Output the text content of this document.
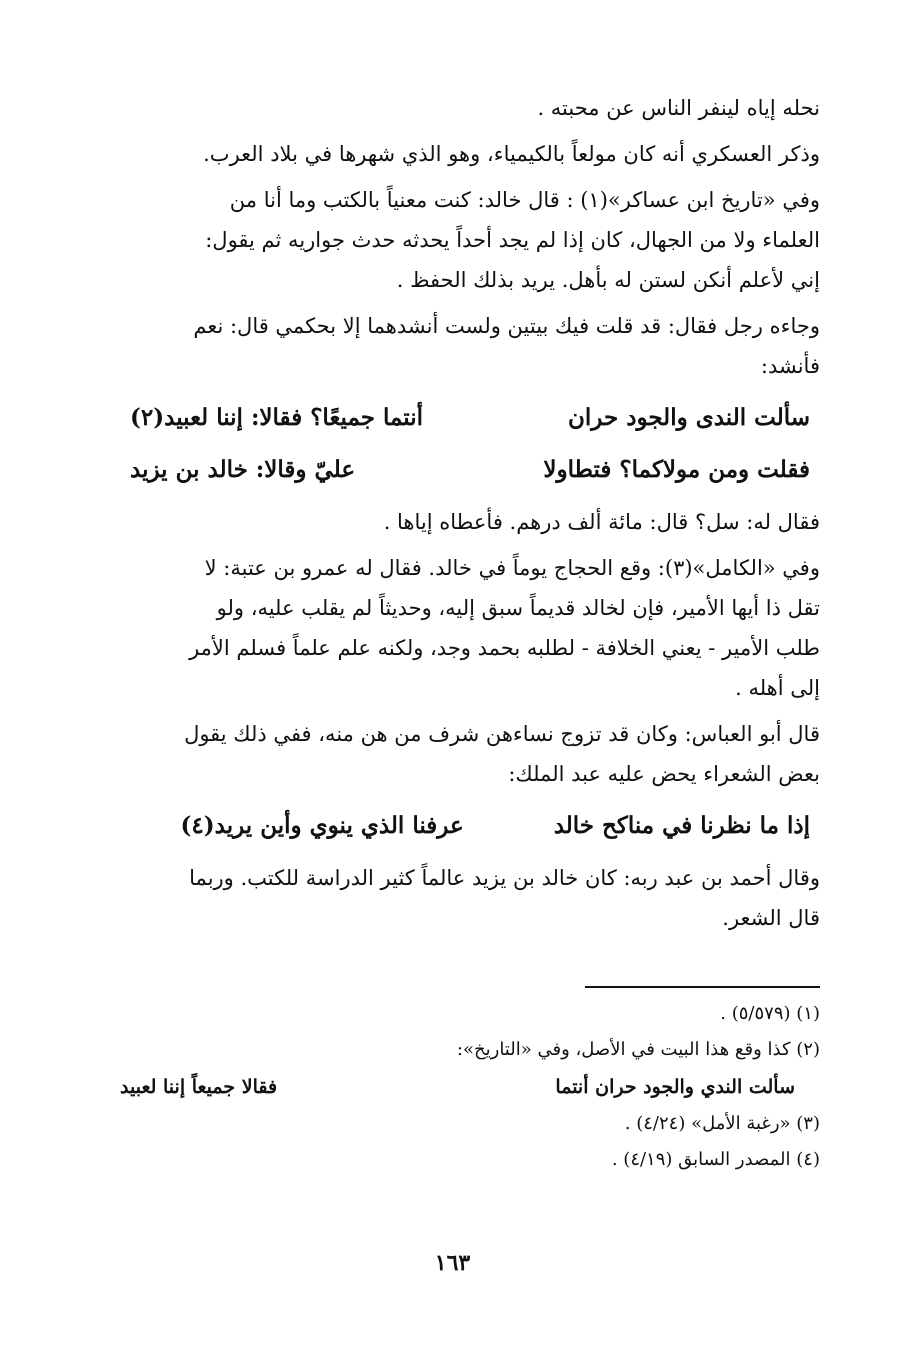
نحله إياه لينفر الناس عن محبته .
وذكر العسكري أنه كان مولعاً بالكيمياء، وهو الذي شهرها في بلاد العرب.
وفي «تاريخ ابن عساكر»(١) : قال خالد: كنت معنياً بالكتب وما أنا من
العلماء ولا من الجهال، كان إذا لم يجد أحداً يحدثه حدث جواريه ثم يقول:
إني لأعلم أنكن لستن له بأهل. يريد بذلك الحفظ .
وجاءه رجل فقال: قد قلت فيك بيتين ولست أنشدهما إلا بحكمي قال: نعم
فأنشد:
سألت الندى والجود حران
أنتما جميعًا؟ فقالا: إننا لعبيد(٢)
فقلت ومن مولاكما؟ فتطاولا
عليّ وقالا: خالد بن يزيد
فقال له: سل؟ قال: مائة ألف درهم. فأعطاه إياها .
وفي «الكامل»(٣): وقع الحجاج يوماً في خالد. فقال له عمرو بن عتبة: لا
تقل ذا أيها الأمير، فإن لخالد قديماً سبق إليه، وحديثاً لم يقلب عليه، ولو
طلب الأمير - يعني الخلافة - لطلبه بحمد وجد، ولكنه علم علماً فسلم الأمر
إلى أهله .
قال أبو العباس: وكان قد تزوج نساءهن شرف من هن منه، ففي ذلك يقول
بعض الشعراء يحض عليه عبد الملك:
إذا ما نظرنا في مناكح خالد
عرفنا الذي ينوي وأين يريد(٤)
وقال أحمد بن عبد ربه: كان خالد بن يزيد عالماً كثير الدراسة للكتب. وربما
قال الشعر.
(١) (٥/٥٧٩) .
(٢) كذا وقع هذا البيت في الأصل، وفي «التاريخ»:
سألت الندي والجود حران أنتما
فقالا جميعاً إننا لعبيد
(٣) «رغبة الأمل» (٤/٢٤) .
(٤) المصدر السابق (٤/١٩) .
١٦٣
